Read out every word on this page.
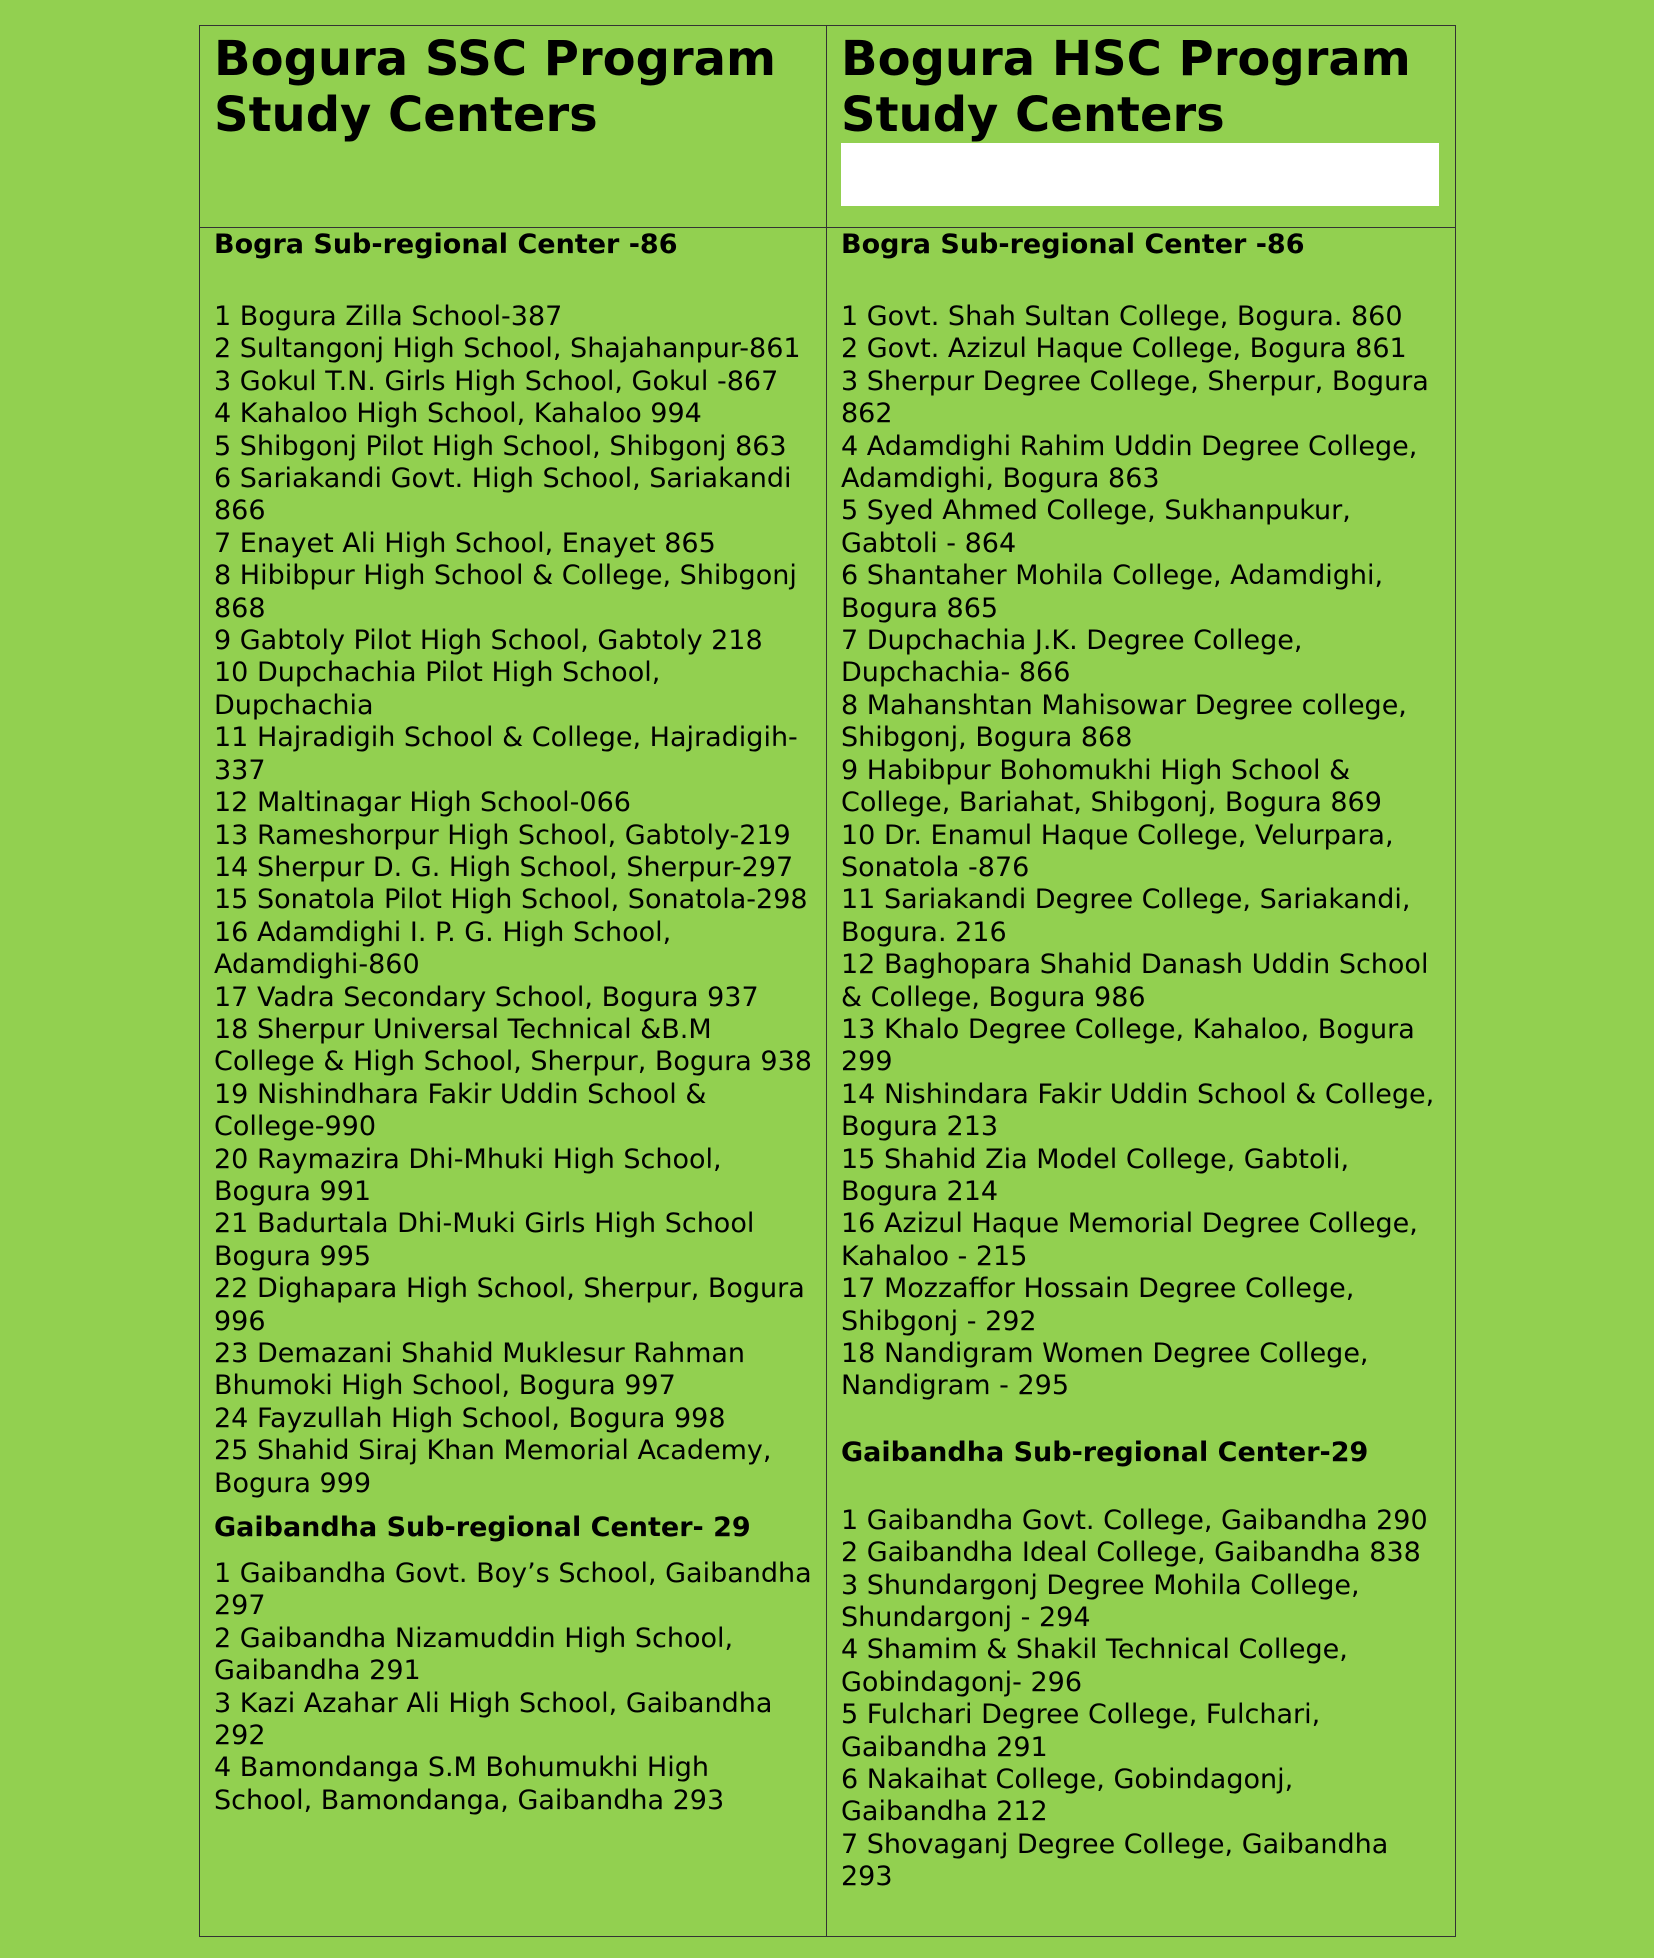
Bogura SSC Program Study Centers
Bogura HSC Program Study Centers

Bogra Sub-regional Center -86

1 Bogura Zilla School-387
2 Sultangonj High School, Shajahanpur-861
3 Gokul T.N. Girls High School, Gokul -867
4 Kahaloo High School, Kahaloo 994
5 Shibgonj Pilot High School, Shibgonj 863
6 Sariakandi Govt. High School, Sariakandi 866
7 Enayet Ali High School, Enayet 865
8 Hibibpur High School & College, Shibgonj 868
9 Gabtoly Pilot High School, Gabtoly 218
10 Dupchachia Pilot High School, Dupchachia
11 Hajradigih School & College, Hajradigih-337
12 Maltinagar High School-066
13 Rameshorpur High School, Gabtoly-219
14 Sherpur D. G. High School, Sherpur-297
15 Sonatola Pilot High School, Sonatola-298
16 Adamdighi I. P. G. High School, Adamdighi-860
17 Vadra Secondary School, Bogura 937
18 Sherpur Universal Technical &B.M College & High School, Sherpur, Bogura 938
19 Nishindhara Fakir Uddin School & College-990
20 Raymazira Dhi-Mhuki High School, Bogura 991
21 Badurtala Dhi-Muki Girls High School Bogura 995
22 Dighapara High School, Sherpur, Bogura 996
23 Demazani Shahid Muklesur Rahman Bhumoki High School, Bogura 997
24 Fayzullah High School, Bogura 998
25 Shahid Siraj Khan Memorial Academy, Bogura 999

Gaibandha Sub-regional Center- 29

1 Gaibandha Govt. Boy’s School, Gaibandha 297
2 Gaibandha Nizamuddin High School, Gaibandha 291
3 Kazi Azahar Ali High School, Gaibandha 292
4 Bamondanga S.M Bohumukhi High School, Bamondanga, Gaibandha 293

Bogra Sub-regional Center -86

1 Govt. Shah Sultan College, Bogura. 860
2 Govt. Azizul Haque College, Bogura 861
3 Sherpur Degree College, Sherpur, Bogura 862
4 Adamdighi Rahim Uddin Degree College, Adamdighi, Bogura 863
5 Syed Ahmed College, Sukhanpukur, Gabtoli - 864
6 Shantaher Mohila College, Adamdighi, Bogura 865
7 Dupchachia J.K. Degree College, Dupchachia- 866
8 Mahanshtan Mahisowar Degree college, Shibgonj, Bogura 868
9 Habibpur Bohomukhi High School & College, Bariahat, Shibgonj, Bogura 869
10 Dr. Enamul Haque College, Velurpara, Sonatola -876
11 Sariakandi Degree College, Sariakandi, Bogura. 216
12 Baghopara Shahid Danash Uddin School & College, Bogura 986
13 Khalo Degree College, Kahaloo, Bogura 299
14 Nishindara Fakir Uddin School & College, Bogura 213
15 Shahid Zia Model College, Gabtoli, Bogura 214
16 Azizul Haque Memorial Degree College, Kahaloo - 215
17 Mozzaffor Hossain Degree College, Shibgonj - 292
18 Nandigram Women Degree College, Nandigram - 295

Gaibandha Sub-regional Center-29

1 Gaibandha Govt. College, Gaibandha 290
2 Gaibandha Ideal College, Gaibandha 838
3 Shundargonj Degree Mohila College, Shundargonj - 294
4 Shamim & Shakil Technical College, Gobindagonj- 296
5 Fulchari Degree College, Fulchari, Gaibandha 291
6 Nakaihat College, Gobindagonj, Gaibandha 212
7 Shovaganj Degree College, Gaibandha 293
